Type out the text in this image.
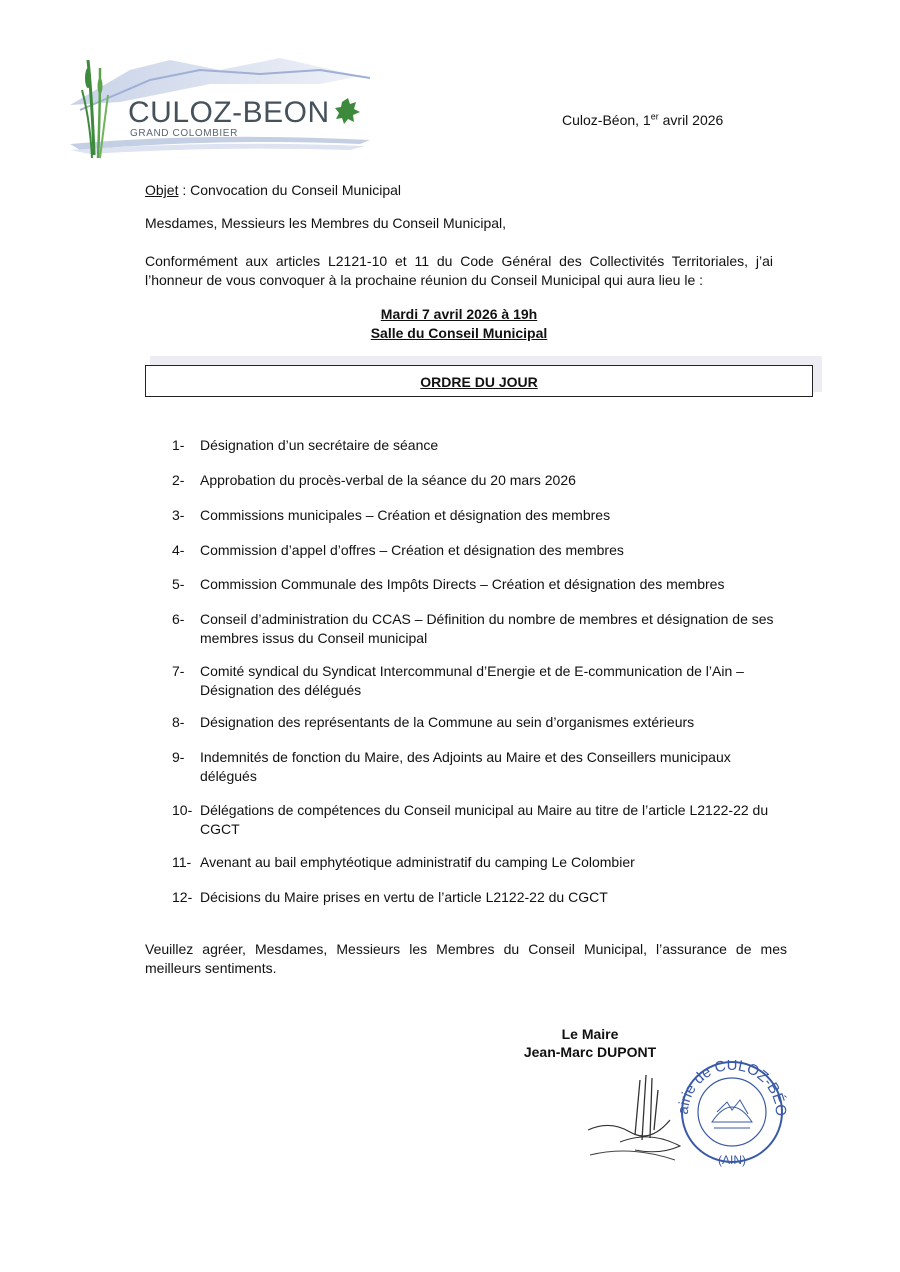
CULOZ-BEON
GRAND COLOMBIER
Culoz-Béon, 1er avril 2026
Objet : Convocation du Conseil Municipal
Mesdames, Messieurs les Membres du Conseil Municipal,
Conformément aux articles L2121-10 et 11 du Code Général des Collectivités Territoriales, j’ai l’honneur de vous convoquer à la prochaine réunion du Conseil Municipal qui aura lieu le :
Mardi 7 avril 2026 à 19h
Salle du Conseil Municipal
ORDRE DU JOUR
1-	Désignation d’un secrétaire de séance
2-	Approbation du procès-verbal de la séance du 20 mars 2026
3-	Commissions municipales – Création et désignation des membres
4-	Commission d’appel d’offres – Création et désignation des membres
5-	Commission Communale des Impôts Directs – Création et désignation des membres
6-	Conseil d’administration du CCAS – Définition du nombre de membres et désignation de ses membres issus du Conseil municipal
7-	Comité syndical du Syndicat Intercommunal d’Energie et de E-communication de l’Ain – Désignation des délégués
8-	Désignation des représentants de la Commune au sein d’organismes extérieurs
9-	Indemnités de fonction du Maire, des Adjoints au Maire et des Conseillers municipaux délégués
10- Délégations de compétences du Conseil municipal au Maire au titre de l’article L2122-22 du CGCT
11- Avenant au bail emphytéotique administratif du camping Le Colombier
12- Décisions du Maire prises en vertu de l’article L2122-22 du CGCT
Veuillez agréer, Mesdames, Messieurs les Membres du Conseil Municipal, l’assurance de mes meilleurs sentiments.
Le Maire
Jean-Marc DUPONT
airie de CULOZ-BÉO
(AIN)
